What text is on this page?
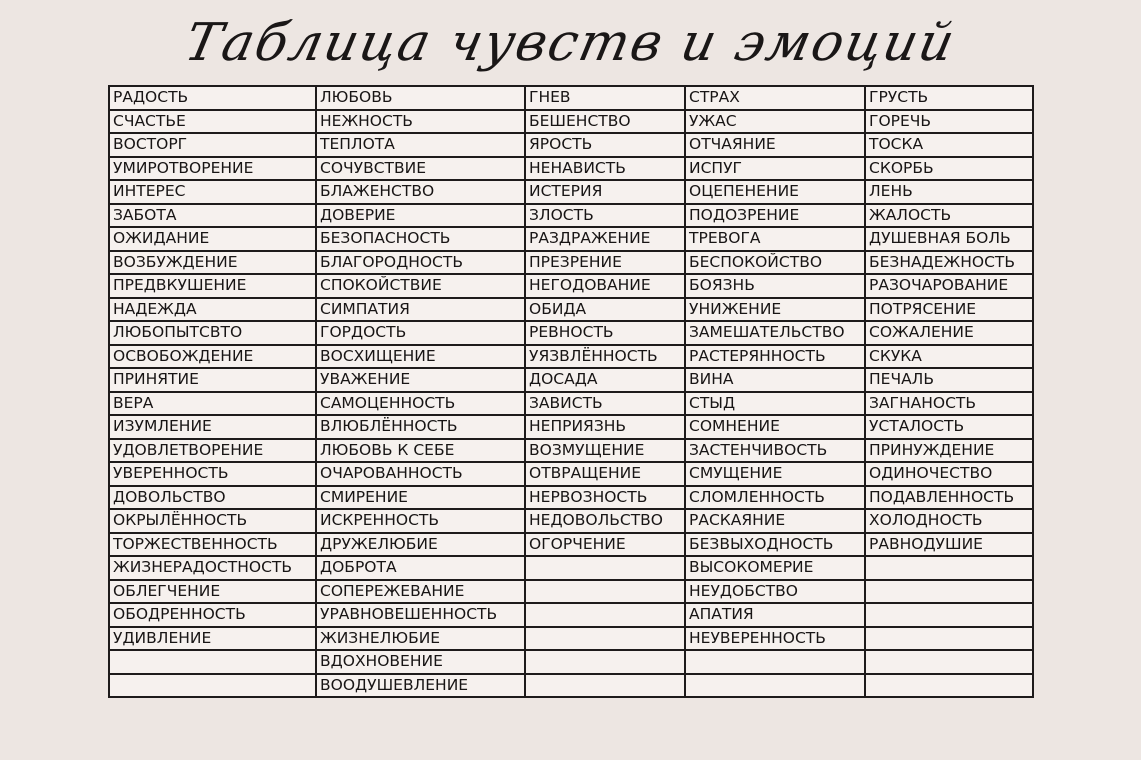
Таблица чувств и эмоций
РАДОСТЬ	ЛЮБОВЬ	ГНЕВ	СТРАХ	ГРУСТЬ
СЧАСТЬЕ	НЕЖНОСТЬ	БЕШЕНСТВО	УЖАС	ГОРЕЧЬ
ВОСТОРГ	ТЕПЛОТА	ЯРОСТЬ	ОТЧАЯНИЕ	ТОСКА
УМИРОТВОРЕНИЕ	СОЧУВСТВИЕ	НЕНАВИСТЬ	ИСПУГ	СКОРБЬ
ИНТЕРЕС	БЛАЖЕНСТВО	ИСТЕРИЯ	ОЦЕПЕНЕНИЕ	ЛЕНЬ
ЗАБОТА	ДОВЕРИЕ	ЗЛОСТЬ	ПОДОЗРЕНИЕ	ЖАЛОСТЬ
ОЖИДАНИЕ	БЕЗОПАСНОСТЬ	РАЗДРАЖЕНИЕ	ТРЕВОГА	ДУШЕВНАЯ БОЛЬ
ВОЗБУЖДЕНИЕ	БЛАГОРОДНОСТЬ	ПРЕЗРЕНИЕ	БЕСПОКОЙСТВО	БЕЗНАДЕЖНОСТЬ
ПРЕДВКУШЕНИЕ	СПОКОЙСТВИЕ	НЕГОДОВАНИЕ	БОЯЗНЬ	РАЗОЧАРОВАНИЕ
НАДЕЖДА	СИМПАТИЯ	ОБИДА	УНИЖЕНИЕ	ПОТРЯСЕНИЕ
ЛЮБОПЫТСВТО	ГОРДОСТЬ	РЕВНОСТЬ	ЗАМЕШАТЕЛЬСТВО	СОЖАЛЕНИЕ
ОСВОБОЖДЕНИЕ	ВОСХИЩЕНИЕ	УЯЗВЛЁННОСТЬ	РАСТЕРЯННОСТЬ	СКУКА
ПРИНЯТИЕ	УВАЖЕНИЕ	ДОСАДА	ВИНА	ПЕЧАЛЬ
ВЕРА	САМОЦЕННОСТЬ	ЗАВИСТЬ	СТЫД	ЗАГНАНОСТЬ
ИЗУМЛЕНИЕ	ВЛЮБЛЁННОСТЬ	НЕПРИЯЗНЬ	СОМНЕНИЕ	УСТАЛОСТЬ
УДОВЛЕТВОРЕНИЕ	ЛЮБОВЬ К СЕБЕ	ВОЗМУЩЕНИЕ	ЗАСТЕНЧИВОСТЬ	ПРИНУЖДЕНИЕ
УВЕРЕННОСТЬ	ОЧАРОВАННОСТЬ	ОТВРАЩЕНИЕ	СМУЩЕНИЕ	ОДИНОЧЕСТВО
ДОВОЛЬСТВО	СМИРЕНИЕ	НЕРВОЗНОСТЬ	СЛОМЛЕННОСТЬ	ПОДАВЛЕННОСТЬ
ОКРЫЛЁННОСТЬ	ИСКРЕННОСТЬ	НЕДОВОЛЬСТВО	РАСКАЯНИЕ	ХОЛОДНОСТЬ
ТОРЖЕСТВЕННОСТЬ	ДРУЖЕЛЮБИЕ	ОГОРЧЕНИЕ	БЕЗВЫХОДНОСТЬ	РАВНОДУШИЕ
ЖИЗНЕРАДОСТНОСТЬ	ДОБРОТА		ВЫСОКОМЕРИЕ	
ОБЛЕГЧЕНИЕ	СОПЕРЕЖЕВАНИЕ		НЕУДОБСТВО	
ОБОДРЕННОСТЬ	УРАВНОВЕШЕННОСТЬ		АПАТИЯ	
УДИВЛЕНИЕ	ЖИЗНЕЛЮБИЕ		НЕУВЕРЕННОСТЬ	
	ВДОХНОВЕНИЕ			
	ВООДУШЕВЛЕНИЕ			
